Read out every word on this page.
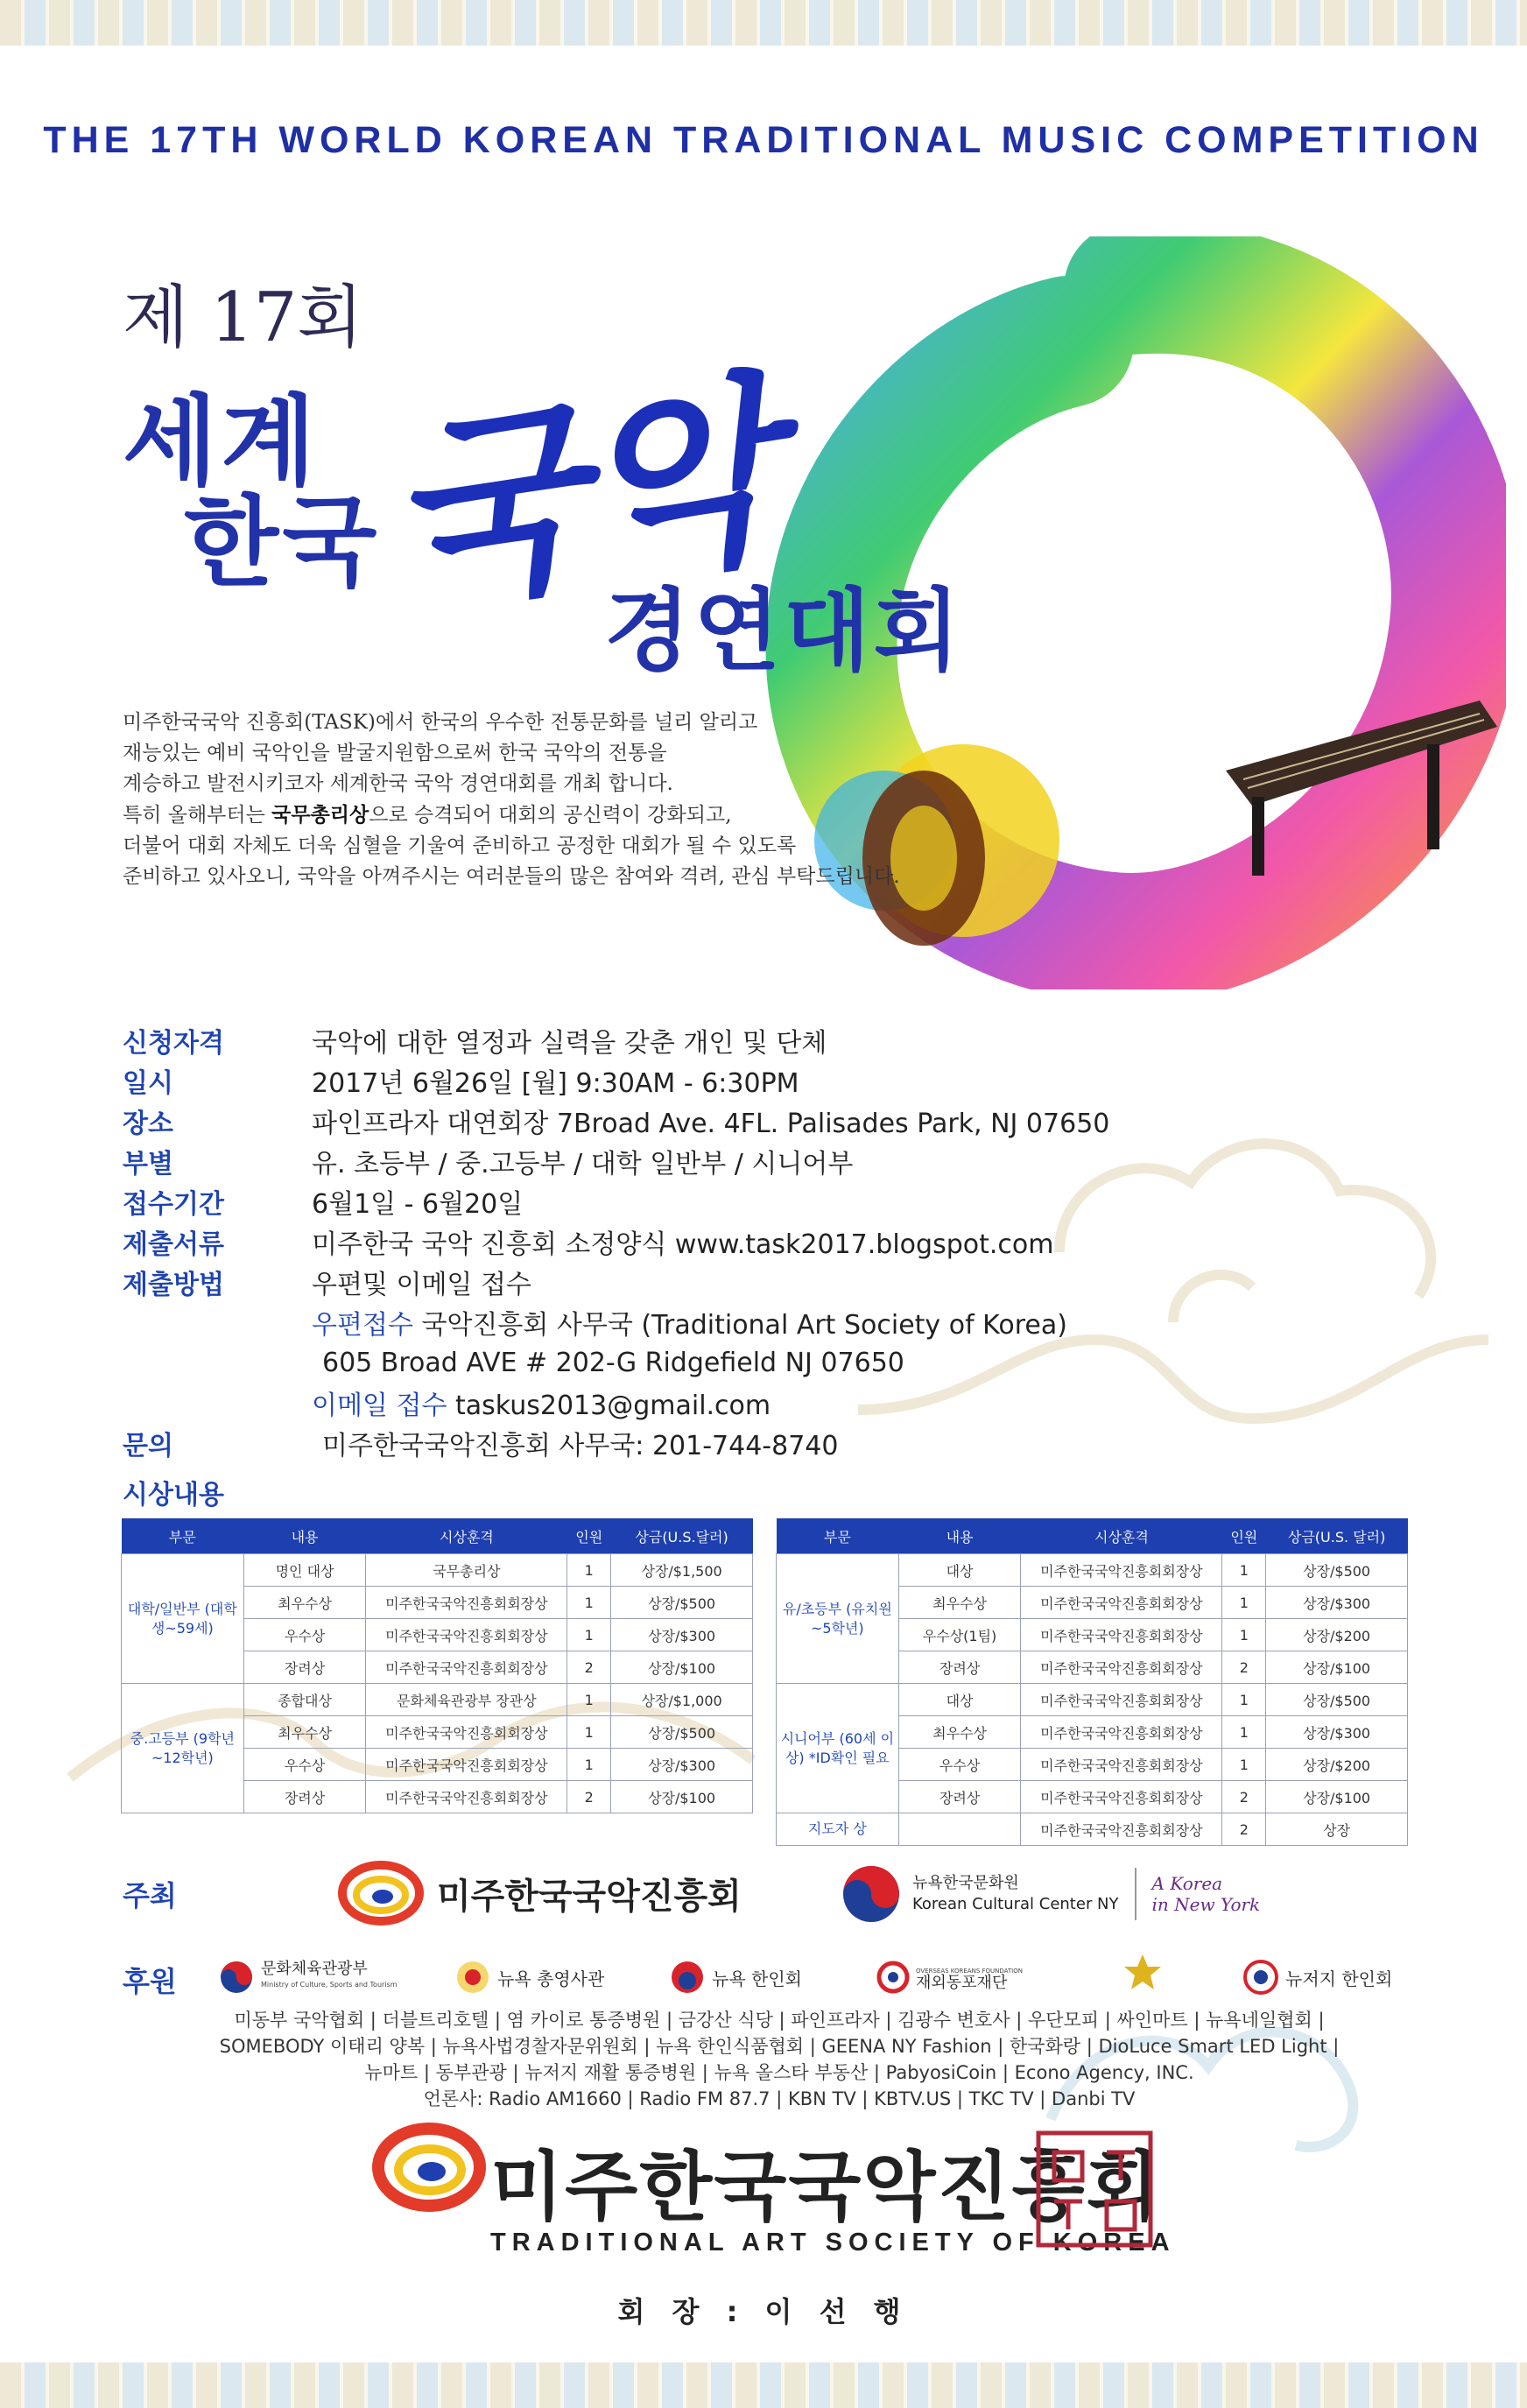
THE 17TH WORLD KOREAN TRADITIONAL MUSIC COMPETITION
제 17회
세계
한국
국악
경연대회

미주한국국악 진흥회(TASK)에서 한국의 우수한 전통문화를 널리 알리고

재능있는 예비 국악인을 발굴지원함으로써 한국 국악의 전통을

계승하고 발전시키코자 세계한국 국악 경연대회를 개최 합니다.

특히 올해부터는 국무총리상으로 승격되어 대회의 공신력이 강화되고,

더불어 대회 자체도 더욱 심혈을 기울여 준비하고 공정한 대회가 될 수 있도록

준비하고 있사오니, 국악을 아껴주시는 여러분들의 많은 참여와 격려, 관심 부탁드립니다.

신청자격	국악에 대한 열정과 실력을 갖춘 개인 및 단체
일시	2017년 6월26일 [월] 9:30AM - 6:30PM
장소	파인프라자 대연회장 7Broad Ave. 4FL. Palisades Park, NJ 07650
부별	유. 초등부 / 중.고등부 / 대학 일반부 / 시니어부
접수기간	6월1일 - 6월20일
제출서류	미주한국 국악 진흥회 소정양식 www.task2017.blogspot.com
제출방법	우편및 이메일 접수
우편접수 국악진흥회 사무국 (Traditional Art Society of Korea)
605 Broad AVE # 202-G Ridgefield NJ 07650
이메일 접수 taskus2013@gmail.com
문의	미주한국국악진흥회 사무국: 201-744-8740
시상내용
부문	내용	시상훈격	인원	상금(U.S.달러)
대학/일반부 (대학생~59세)	명인 대상	국무총리상	1	상장/$1,500
	최우수상	미주한국국악진흥회회장상	1	상장/$500
	우수상	미주한국국악진흥회회장상	1	상장/$300
	장려상	미주한국국악진흥회회장상	2	상장/$100
중.고등부 (9학년~12학년)	종합대상	문화체육관광부 장관상	1	상장/$1,000
	최우수상	미주한국국악진흥회회장상	1	상장/$500
	우수상	미주한국국악진흥회회장상	1	상장/$300
	장려상	미주한국국악진흥회회장상	2	상장/$100
부문	내용	시상훈격	인원	상금(U.S. 달러)
유/초등부 (유치원~5학년)	대상	미주한국국악진흥회회장상	1	상장/$500
	최우수상	미주한국국악진흥회회장상	1	상장/$300
	우수상(1팀)	미주한국국악진흥회회장상	1	상장/$200
	장려상	미주한국국악진흥회회장상	2	상장/$100
시니어부 (60세 이상) *ID확인 필요	대상	미주한국국악진흥회회장상	1	상장/$500
	최우수상	미주한국국악진흥회회장상	1	상장/$300
	우수상	미주한국국악진흥회회장상	1	상장/$200
	장려상	미주한국국악진흥회회장상	2	상장/$100
지도자 상		미주한국국악진흥회회장상	2	상장
주최	미주한국국악진흥회	뉴욕한국문화원
Korean Cultural Center NY
A Korea
in New York
후원	문화체육관광부
Ministry of Culture, Sports and Tourism	뉴욕 총영사관	뉴욕 한인회	OVERSEAS KOREANS FOUNDATION
재외동포재단	뉴저지 한인회

미동부 국악협회 | 더블트리호텔 | 염 카이로 통증병원 | 금강산 식당 | 파인프라자 | 김광수 변호사 | 우단모피 | 싸인마트 | 뉴욕네일협회 |

SOMEBODY 이태리 양복 | 뉴욕사법경찰자문위원회 | 뉴욕 한인식품협회 | GEENA NY Fashion | 한국화랑 | DioLuce Smart LED Light |

뉴마트 | 동부관광 | 뉴저지 재활 통증병원 | 뉴욕 올스타 부동산 | PabyosiCoin | Econo Agency, INC.

언론사: Radio AM1660 | Radio FM 87.7 | KBN TV | KBTV.US | TKC TV | Danbi TV

미주한국국악진흥회
TRADITIONAL ART SOCIETY OF KOREA
회 장 : 이 선 행
